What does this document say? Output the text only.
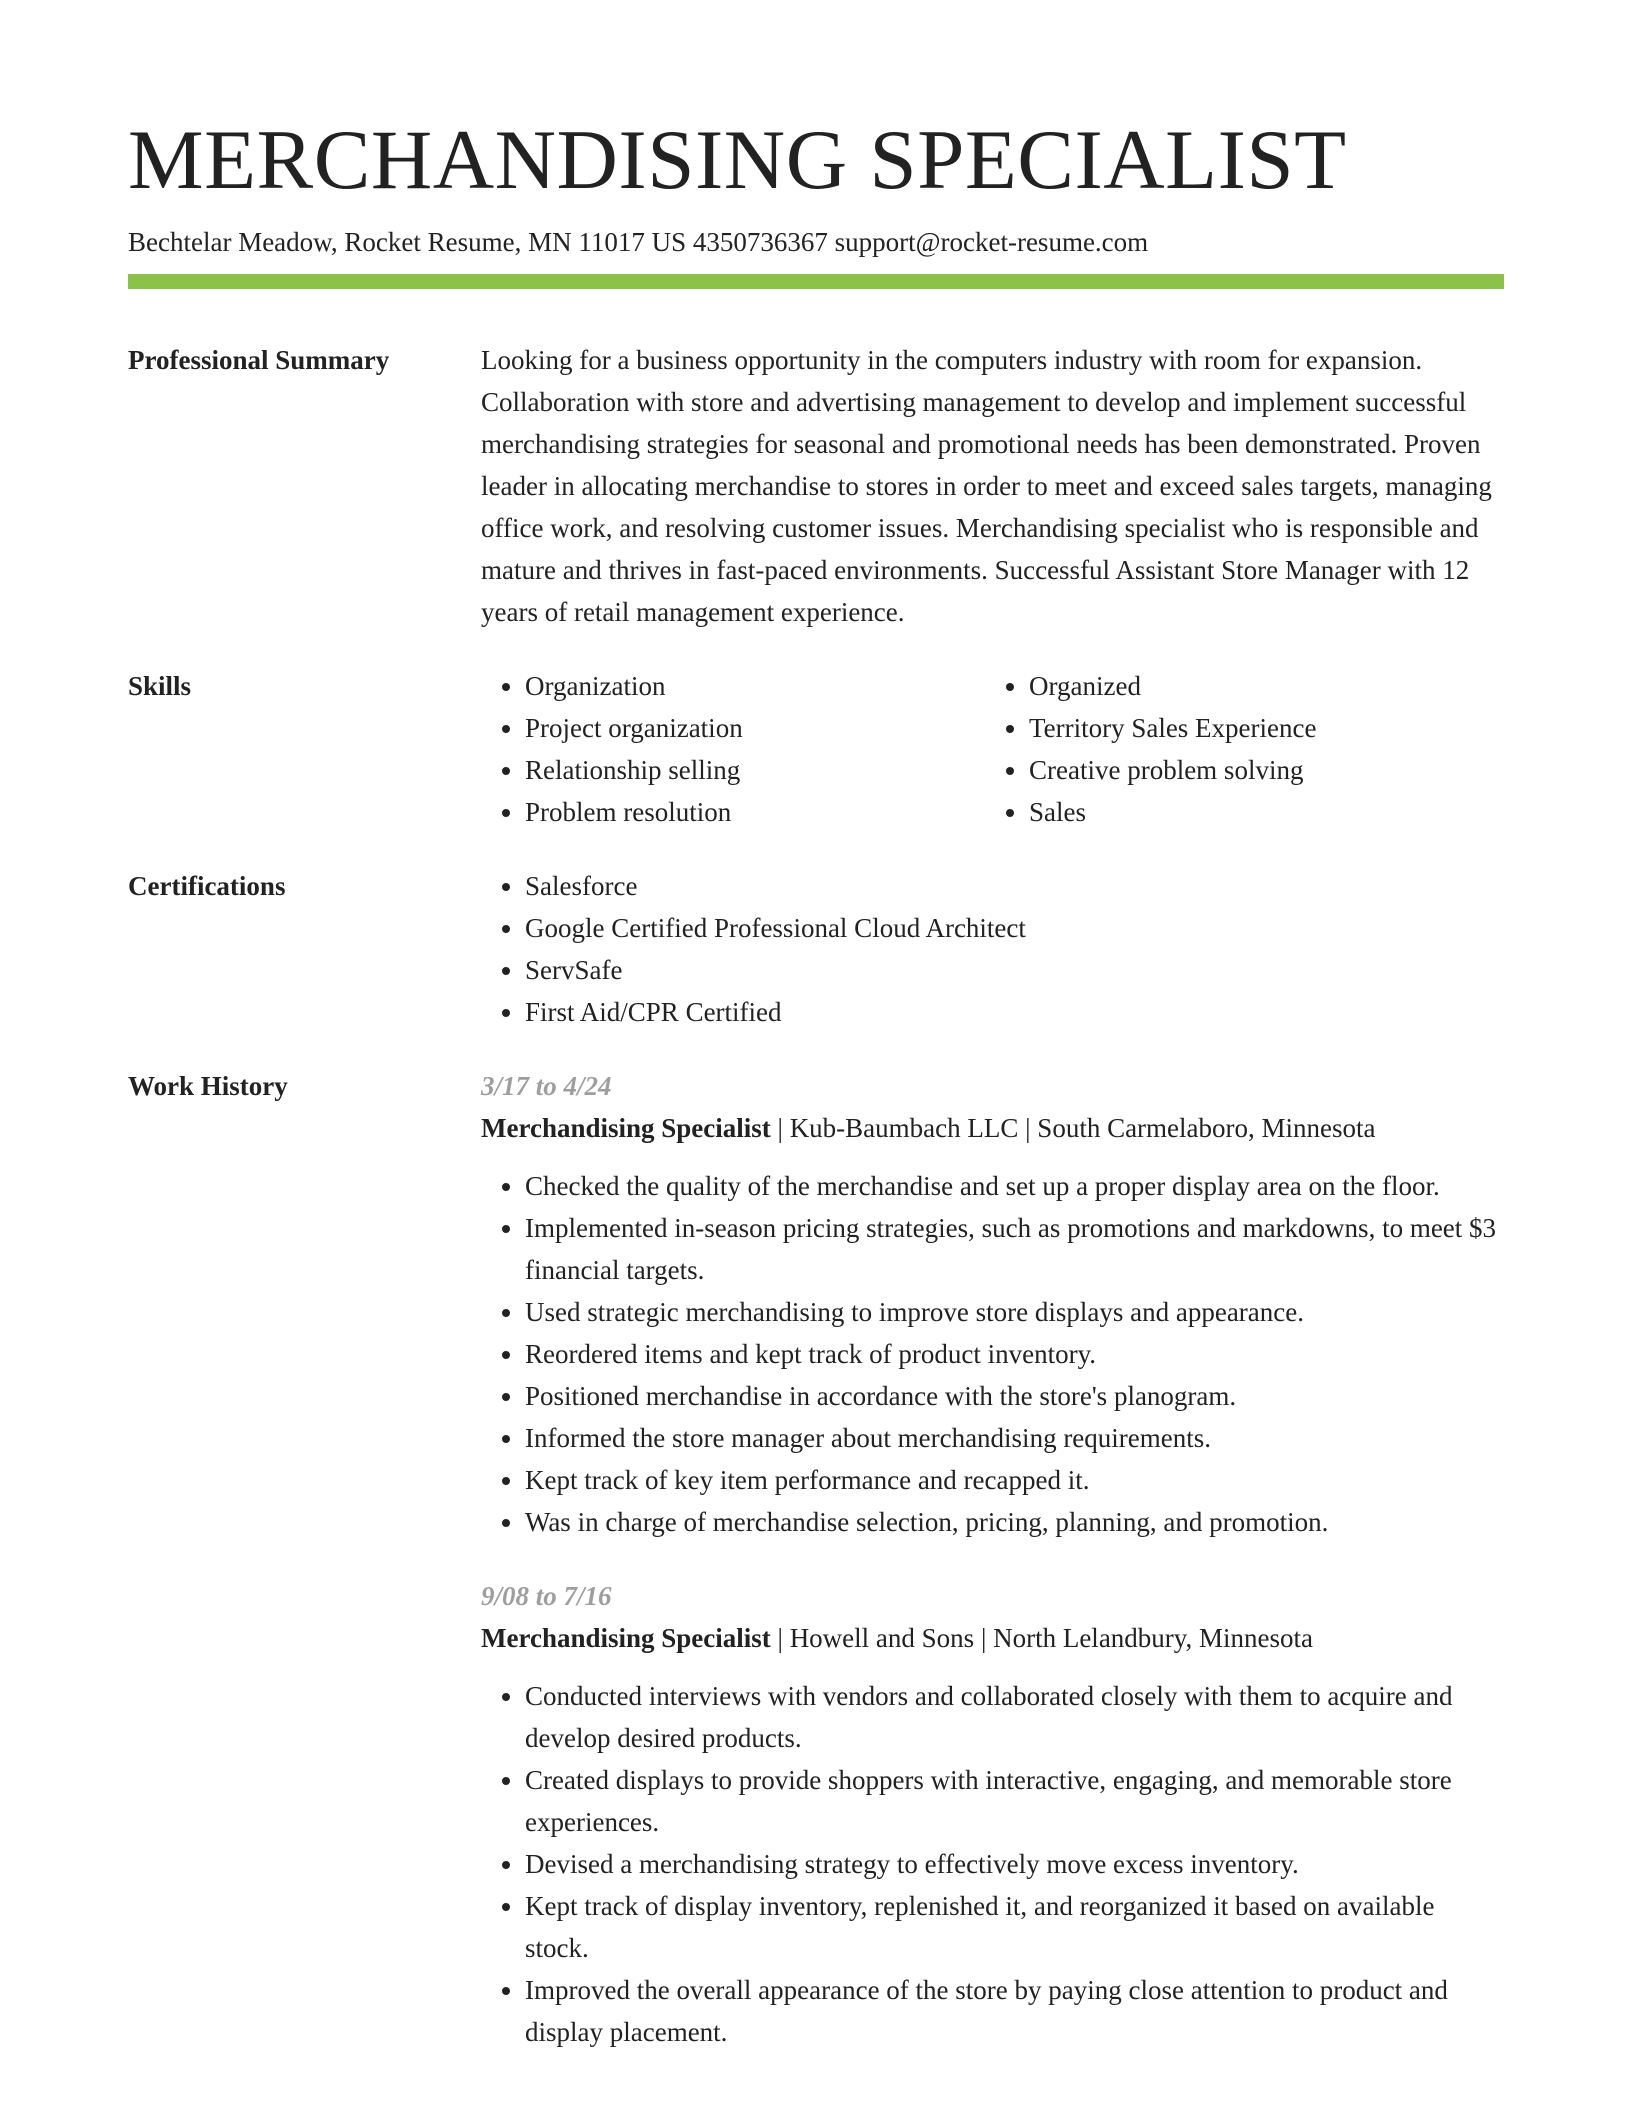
MERCHANDISING SPECIALIST
Bechtelar Meadow, Rocket Resume, MN 11017 US 4350736367 support@rocket-resume.com
Professional Summary	Looking for a business opportunity in the computers industry with room for expansion. Collaboration with store and advertising management to develop and implement successful merchandising strategies for seasonal and promotional needs has been demonstrated. Proven leader in allocating merchandise to stores in order to meet and exceed sales targets, managing office work, and resolving customer issues. Merchandising specialist who is responsible and mature and thrives in fast-paced environments. Successful Assistant Store Manager with 12 years of retail management experience.

Skills	• Organization
• Project organization
• Relationship selling
• Problem resolution
• Organized
• Territory Sales Experience
• Creative problem solving
• Sales
Certifications	• Salesforce
• Google Certified Professional Cloud Architect
• ServSafe
• First Aid/CPR Certified
Work History	3/17 to 4/24
Merchandising Specialist | Kub-Baumbach LLC | South Carmelaboro, Minnesota
• Checked the quality of the merchandise and set up a proper display area on the floor.
• Implemented in-season pricing strategies, such as promotions and markdowns, to meet $3 financial targets.
• Used strategic merchandising to improve store displays and appearance.
• Reordered items and kept track of product inventory.
• Positioned merchandise in accordance with the store's planogram.
• Informed the store manager about merchandising requirements.
• Kept track of key item performance and recapped it.
• Was in charge of merchandise selection, pricing, planning, and promotion.
9/08 to 7/16
Merchandising Specialist | Howell and Sons | North Lelandbury, Minnesota
• Conducted interviews with vendors and collaborated closely with them to acquire and develop desired products.
• Created displays to provide shoppers with interactive, engaging, and memorable store experiences.
• Devised a merchandising strategy to effectively move excess inventory.
• Kept track of display inventory, replenished it, and reorganized it based on available stock.
• Improved the overall appearance of the store by paying close attention to product and display placement.
